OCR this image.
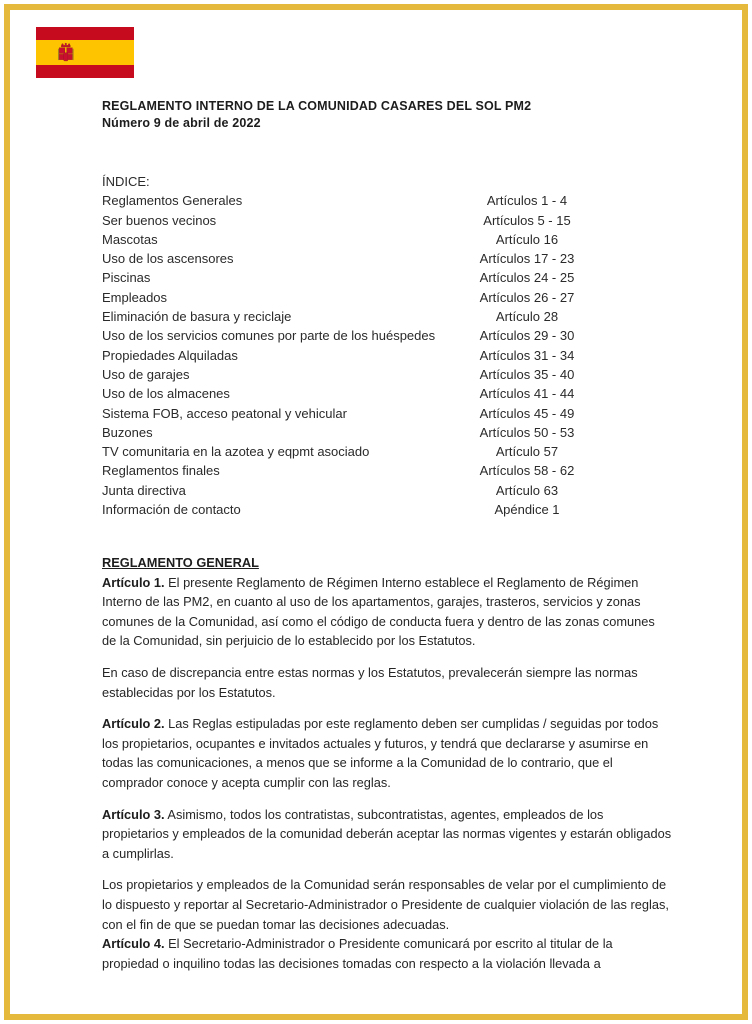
REGLAMENTO INTERNO DE LA COMUNIDAD CASARES DEL SOL PM2
Número 9 de abril de 2022
ÍNDICE:
Reglamentos Generales	Artículos 1 - 4
Ser buenos vecinos	Artículos 5 - 15
Mascotas	Artículo 16
Uso de los ascensores	Artículos 17 - 23
Piscinas	Artículos 24 - 25
Empleados	Artículos 26 - 27
Eliminación de basura y reciclaje	Artículo 28
Uso de los servicios comunes por parte de los huéspedes	Artículos 29 - 30
Propiedades Alquiladas	Artículos 31 - 34
Uso de garajes	Artículos 35 - 40
Uso de los almacenes	Artículos 41 - 44
Sistema FOB, acceso peatonal y vehicular	Artículos 45 - 49
Buzones	Artículos 50 - 53
TV comunitaria en la azotea y eqpmt asociado	Artículo 57
Reglamentos finales	Artículos 58 - 62
Junta directiva	Artículo 63
Información de contacto	Apéndice 1
REGLAMENTO GENERAL

Artículo 1. El presente Reglamento de Régimen Interno establece el Reglamento de Régimen Interno de las PM2, en cuanto al uso de los apartamentos, garajes, trasteros, servicios y zonas comunes de la Comunidad, así como el código de conducta fuera y dentro de las zonas comunes de la Comunidad, sin perjuicio de lo establecido por los Estatutos.

En caso de discrepancia entre estas normas y los Estatutos, prevalecerán siempre las normas establecidas por los Estatutos.

Artículo 2. Las Reglas estipuladas por este reglamento deben ser cumplidas / seguidas por todos los propietarios, ocupantes e invitados actuales y futuros, y tendrá que declararse y asumirse en todas las comunicaciones, a menos que se informe a la Comunidad de lo contrario, que el comprador conoce y acepta cumplir con las reglas.

Artículo 3. Asimismo, todos los contratistas, subcontratistas, agentes, empleados de los propietarios y empleados de la comunidad deberán aceptar las normas vigentes y estarán obligados a cumplirlas.

Los propietarios y empleados de la Comunidad serán responsables de velar por el cumplimiento de lo dispuesto y reportar al Secretario-Administrador o Presidente de cualquier violación de las reglas, con el fin de que se puedan tomar las decisiones adecuadas.

Artículo 4. El Secretario-Administrador o Presidente comunicará por escrito al titular de la propiedad o inquilino todas las decisiones tomadas con respecto a la violación llevada a
